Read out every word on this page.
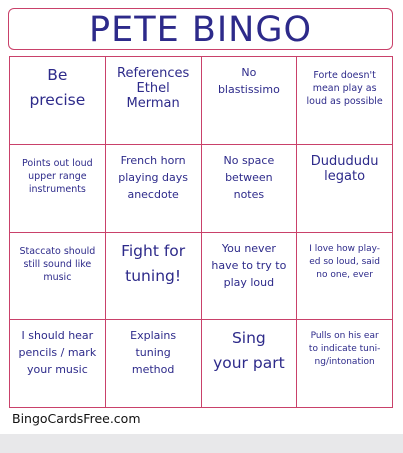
PETE BINGO
Be
precise
References
Ethel
Merman
No
blastissimo
Forte doesn't
mean play as
loud as possible
Points out loud
upper range
instruments
French horn
playing days
anecdote
No space
between
notes
Dudududu
legato
Staccato should
still sound like
music
Fight for
tuning!
You never
have to try to
play loud
I love how play-
ed so loud, said
no one, ever
I should hear
pencils / mark
your music
Explains
tuning
method
Sing
your part
Pulls on his ear
to indicate tuni-
ng/intonation
BingoCardsFree.com
